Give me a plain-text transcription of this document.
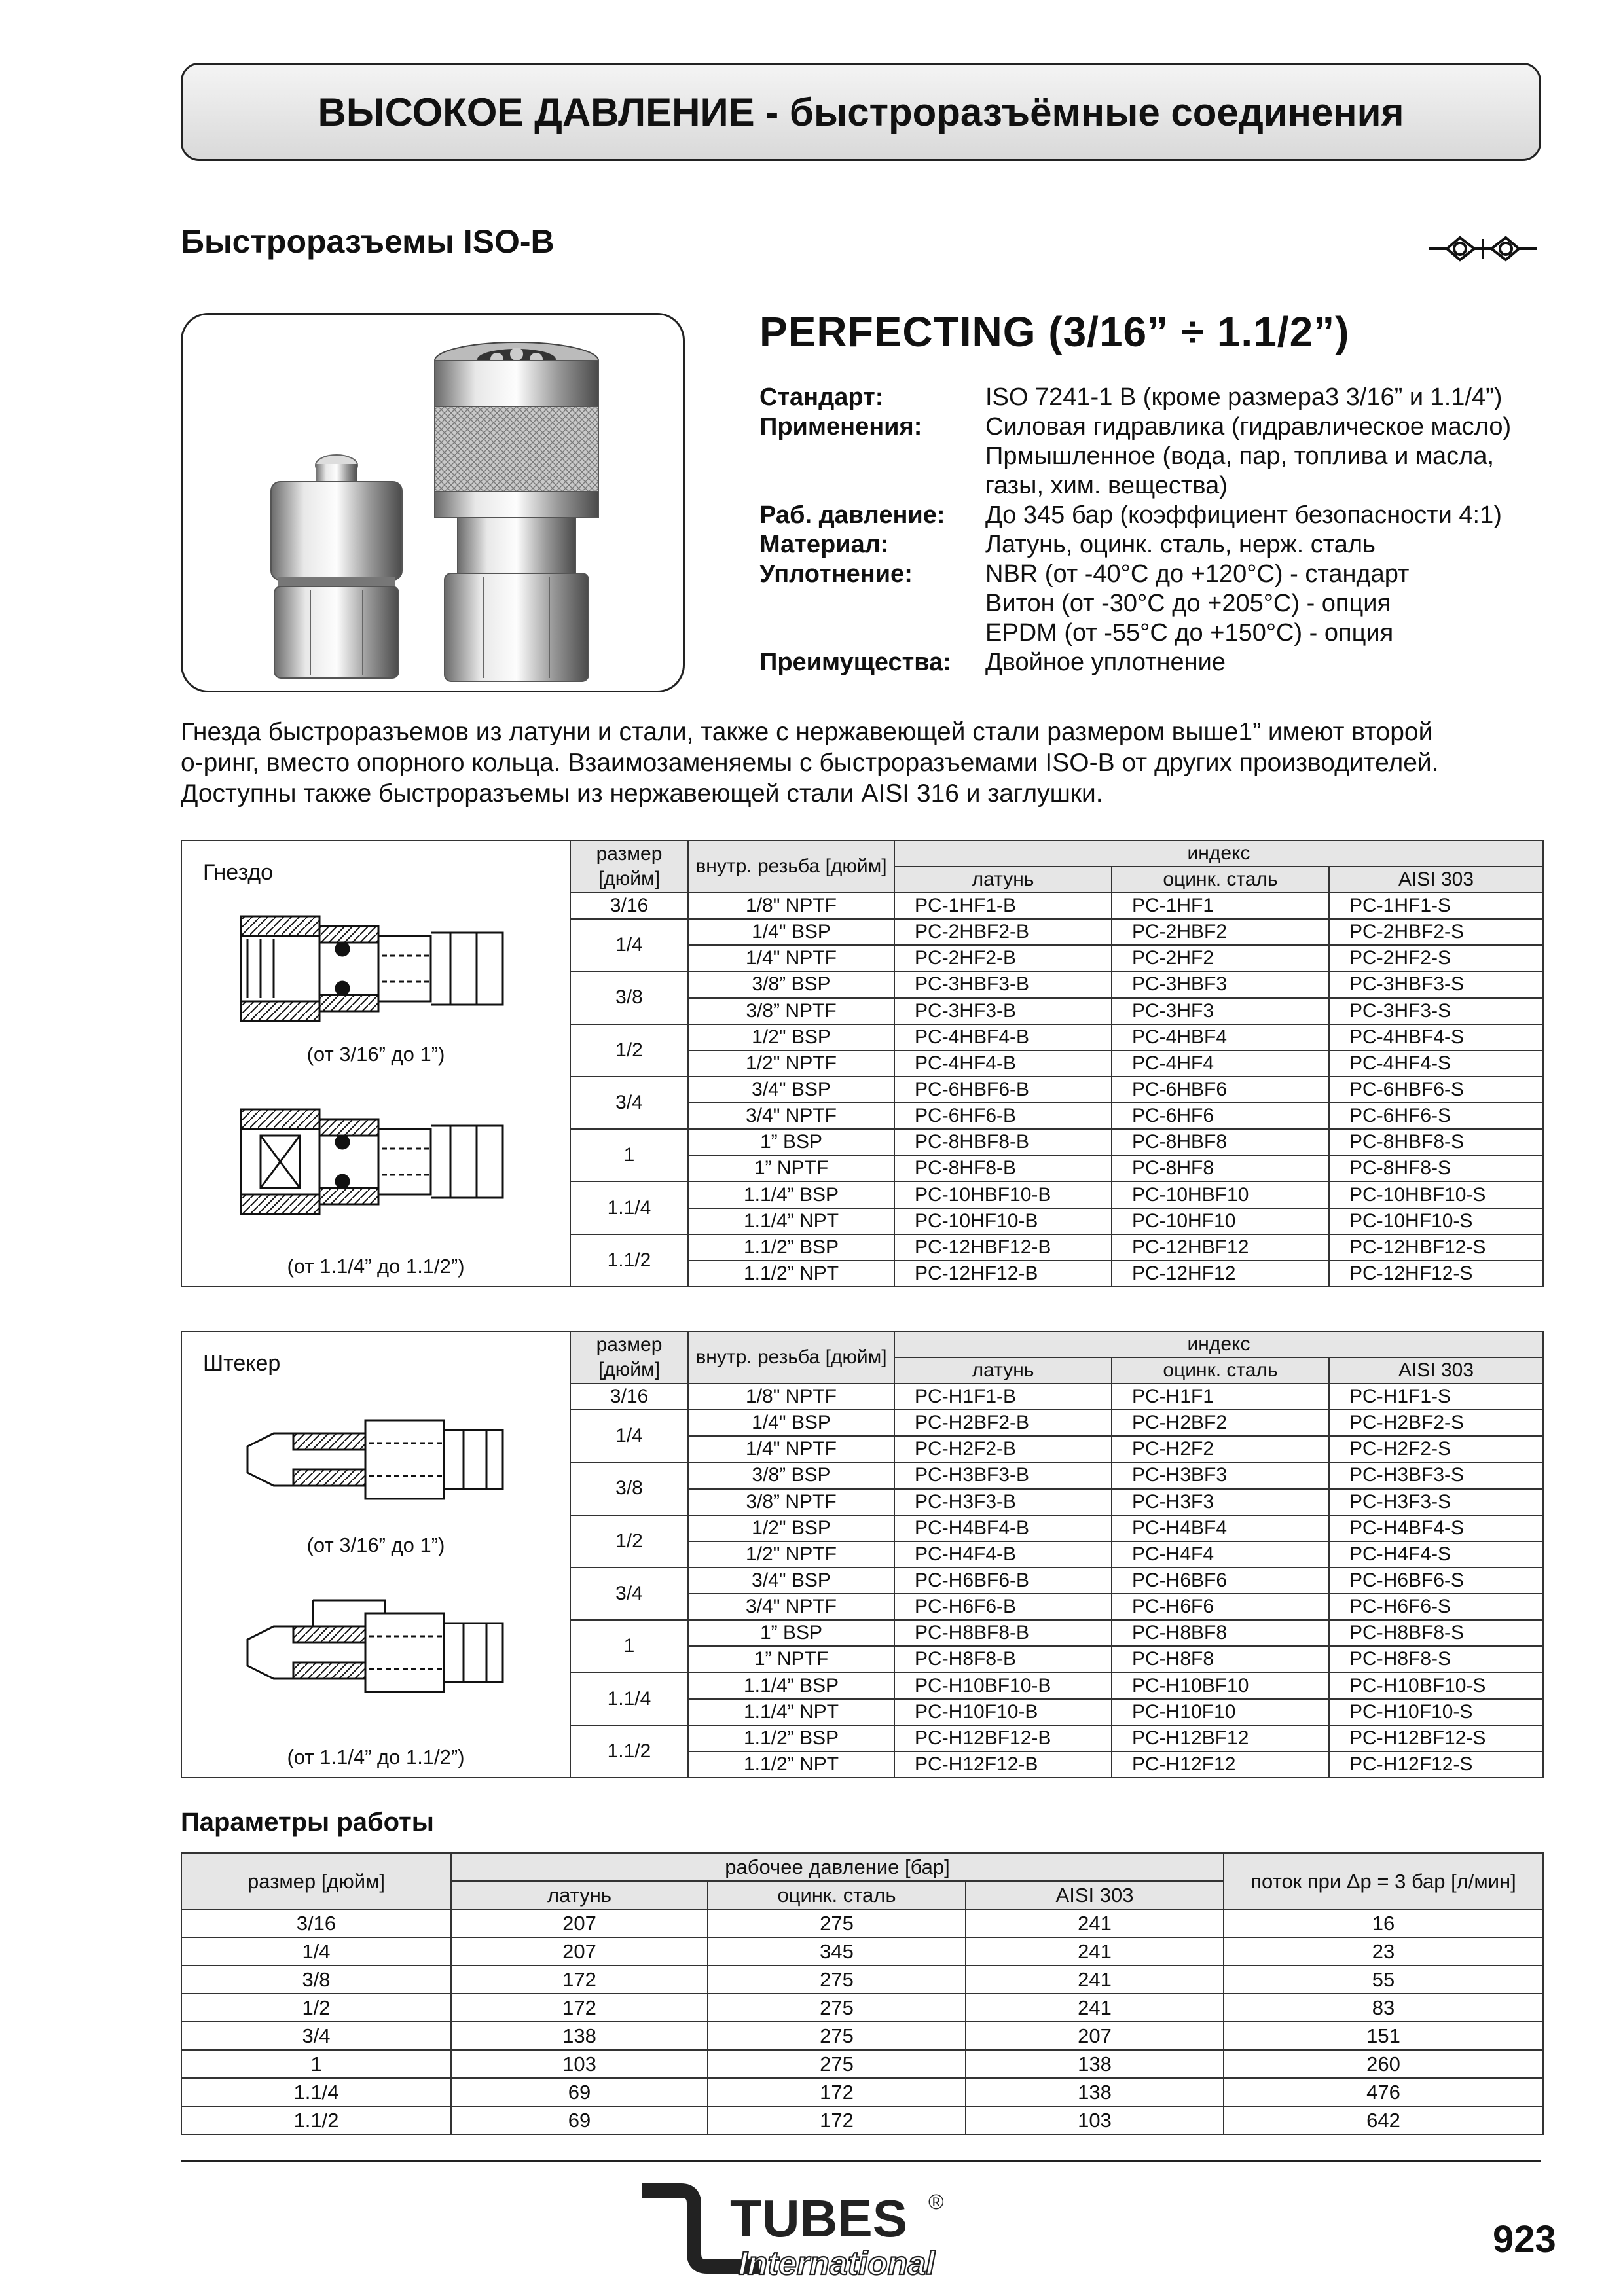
ВЫСОКОЕ ДАВЛЕНИЕ - быстроразъёмные соединения
Быстроразъемы ISO-B
PERFECTING (3/16” ÷ 1.1/2”)
Стандарт:	ISO 7241-1 B (кроме размера3 3/16” и 1.1/4”)
Применения:	Силовая гидравлика (гидравлическое масло)
Прмышленное (вода, пар, топлива и масла,
газы, хим. вещества)
Раб. давление: До 345 бар (коэффициент безопасности 4:1)
Материал:	Латунь, оцинк. сталь, нерж. сталь
Уплотнение:	NBR (от -40°C до +120°C) - стандарт
Витон (от -30°C до +205°C) - опция
EPDM (от -55°C до +150°C) - опция
Преимущества: Двойное уплотнение
Гнезда быстроразъемов из латуни и стали, также с нержавеющей стали размером выше1” имеют второй
о-ринг, вместо опорного кольца. Взаимозаменяемы с быстроразъемами ISO-B от других производителей.
Доступны также быстроразъемы из нержавеющей стали AISI 316 и заглушки.
Гнездо
(от 3/16” до 1”)
(от 1.1/4” до 1.1/2”)	размер [дюйм]	внутр. резьба [дюйм]	индекс		
			латунь	оцинк. сталь	AISI 303
	3/16	1/8" NPTF	PC-1HF1-B	PC-1HF1	PC-1HF1-S
	1/4	1/4" BSP	PC-2HBF2-B	PC-2HBF2	PC-2HBF2-S
		1/4" NPTF	PC-2HF2-B	PC-2HF2	PC-2HF2-S
	3/8	3/8” BSP	PC-3HBF3-B	PC-3HBF3	PC-3HBF3-S
		3/8” NPTF	PC-3HF3-B	PC-3HF3	PC-3HF3-S
	1/2	1/2" BSP	PC-4HBF4-B	PC-4HBF4	PC-4HBF4-S
		1/2" NPTF	PC-4HF4-B	PC-4HF4	PC-4HF4-S
	3/4	3/4" BSP	PC-6HBF6-B	PC-6HBF6	PC-6HBF6-S
		3/4" NPTF	PC-6HF6-B	PC-6HF6	PC-6HF6-S
	1	1” BSP	PC-8HBF8-B	PC-8HBF8	PC-8HBF8-S
		1” NPTF	PC-8HF8-B	PC-8HF8	PC-8HF8-S
	1.1/4	1.1/4” BSP	PC-10HBF10-B	PC-10HBF10	PC-10HBF10-S
		1.1/4” NPT	PC-10HF10-B	PC-10HF10	PC-10HF10-S
	1.1/2	1.1/2” BSP	PC-12HBF12-B	PC-12HBF12	PC-12HBF12-S
		1.1/2” NPT	PC-12HF12-B	PC-12HF12	PC-12HF12-S
Штекер
(от 3/16” до 1”)
(от 1.1/4” до 1.1/2”)	размер [дюйм]	внутр. резьба [дюйм]	индекс		
			латунь	оцинк. сталь	AISI 303
	3/16	1/8" NPTF	PC-H1F1-B	PC-H1F1	PC-H1F1-S
	1/4	1/4" BSP	PC-H2BF2-B	PC-H2BF2	PC-H2BF2-S
		1/4" NPTF	PC-H2F2-B	PC-H2F2	PC-H2F2-S
	3/8	3/8” BSP	PC-H3BF3-B	PC-H3BF3	PC-H3BF3-S
		3/8” NPTF	PC-H3F3-B	PC-H3F3	PC-H3F3-S
	1/2	1/2" BSP	PC-H4BF4-B	PC-H4BF4	PC-H4BF4-S
		1/2" NPTF	PC-H4F4-B	PC-H4F4	PC-H4F4-S
	3/4	3/4" BSP	PC-H6BF6-B	PC-H6BF6	PC-H6BF6-S
		3/4" NPTF	PC-H6F6-B	PC-H6F6	PC-H6F6-S
	1	1” BSP	PC-H8BF8-B	PC-H8BF8	PC-H8BF8-S
		1” NPTF	PC-H8F8-B	PC-H8F8	PC-H8F8-S
	1.1/4	1.1/4” BSP	PC-H10BF10-B	PC-H10BF10	PC-H10BF10-S
		1.1/4” NPT	PC-H10F10-B	PC-H10F10	PC-H10F10-S
	1.1/2	1.1/2” BSP	PC-H12BF12-B	PC-H12BF12	PC-H12BF12-S
		1.1/2” NPT	PC-H12F12-B	PC-H12F12	PC-H12F12-S
Параметры работы
размер [дюйм]	рабочее давление [бар]			поток при Δp = 3 бар [л/мин]
	латунь	оцинк. сталь	AISI 303	
3/16	207	275	241	16
1/4	207	345	241	23
3/8	172	275	241	55
1/2	172	275	241	83
3/4	138	275	207	151
1	103	275	138	260
1.1/4	69	172	138	476
1.1/2	69	172	103	642
TUBES ®
International
923
